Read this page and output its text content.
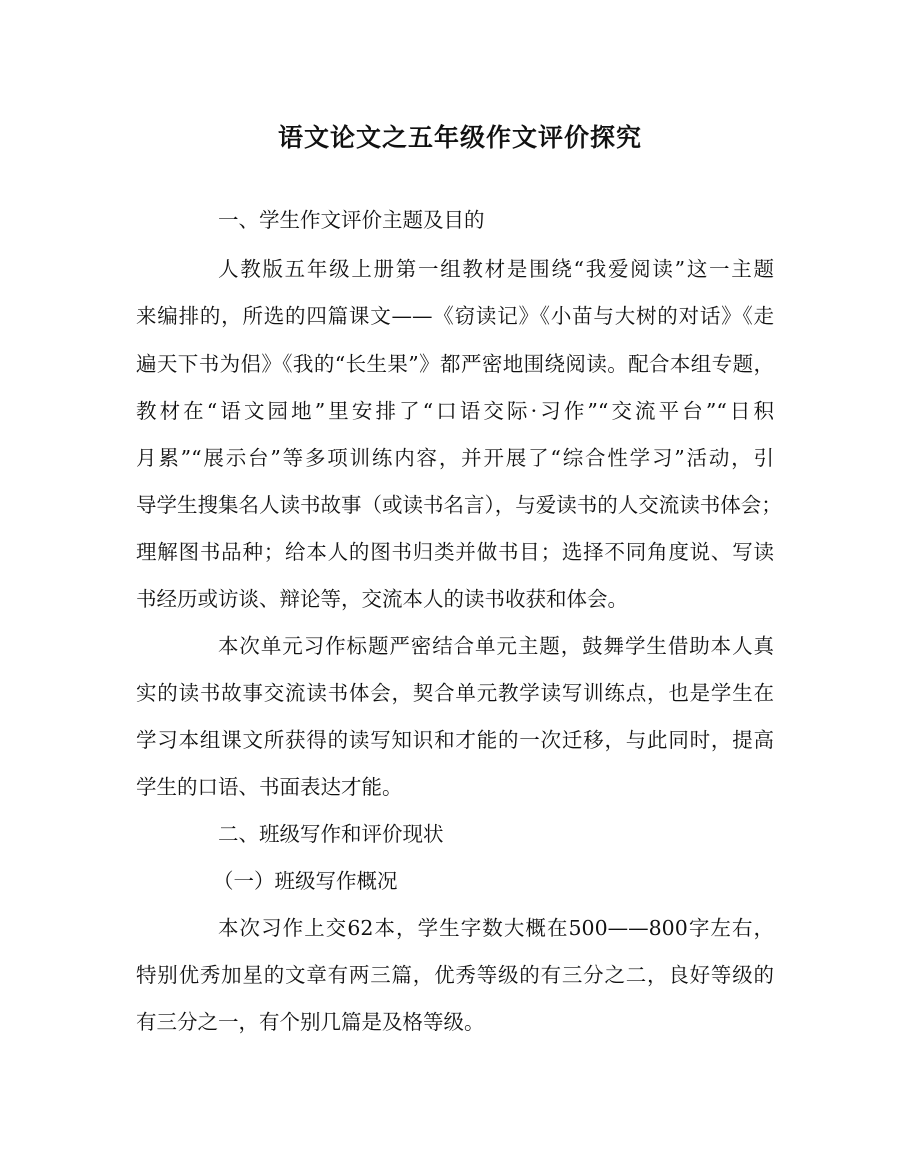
语文论文之五年级作文评价探究
一、学生作文评价主题及目的
人教版五年级上册第一组教材是围绕“我爱阅读”这一主题
来编排的，所选的四篇课文——《窃读记》《小苗与大树的对话》《走
遍天下书为侣》《我的“长生果”》都严密地围绕阅读。配合本组专题，
教材在“语文园地”里安排了“口语交际·习作”“交流平台”“日积
月累”“展示台”等多项训练内容，并开展了“综合性学习”活动，引
导学生搜集名人读书故事（或读书名言），与爱读书的人交流读书体会；
理解图书品种；给本人的图书归类并做书目；选择不同角度说、写读
书经历或访谈、辩论等，交流本人的读书收获和体会。
本次单元习作标题严密结合单元主题，鼓舞学生借助本人真
实的读书故事交流读书体会，契合单元教学读写训练点，也是学生在
学习本组课文所获得的读写知识和才能的一次迁移，与此同时，提高
学生的口语、书面表达才能。
二、班级写作和评价现状
（一）班级写作概况
本次习作上交62本，学生字数大概在500——800字左右，
特别优秀加星的文章有两三篇，优秀等级的有三分之二，良好等级的
有三分之一，有个别几篇是及格等级。
